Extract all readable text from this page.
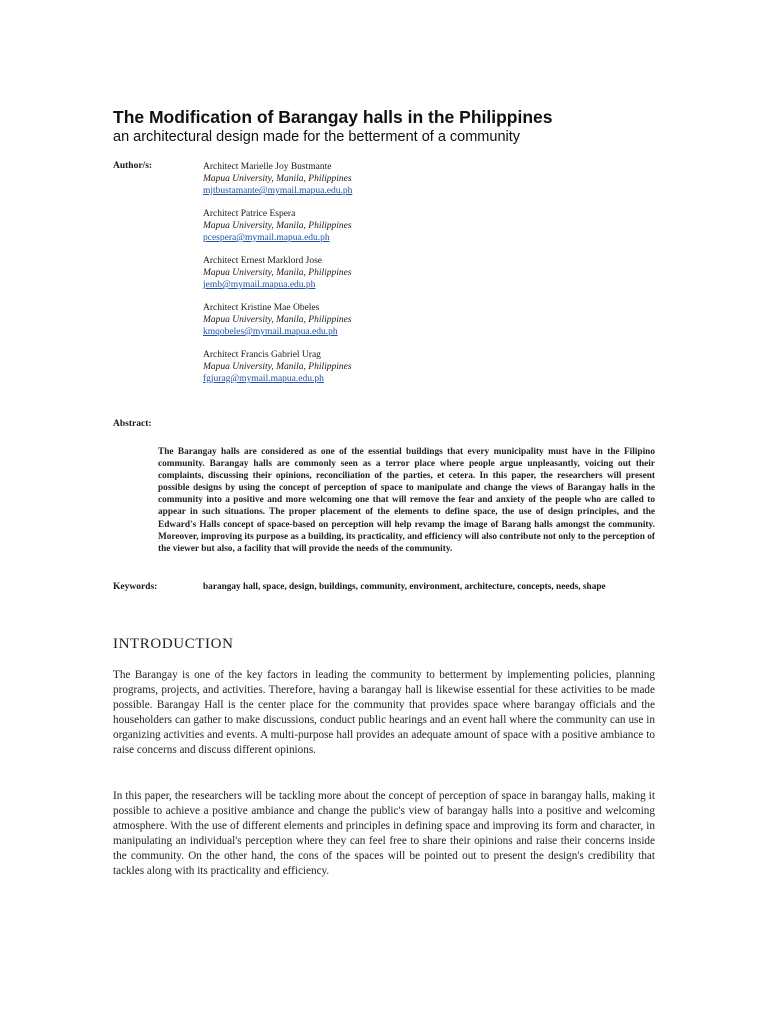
The Modification of Barangay halls in the Philippines
an architectural design made for the betterment of a community
Author/s:	Architect Marielle Joy Bustmante
Mapua University, Manila, Philippines
mjtbustamante@mymail.mapua.edu.ph
Architect Patrice Espera
Mapua University, Manila, Philippines
pcespera@mymail.mapua.edu.ph
Architect Ernest Marklord Jose
Mapua University, Manila, Philippines
jemb@mymail.mapua.edu.ph
Architect Kristine Mae Obeles
Mapua University, Manila, Philippines
kmqobeles@mymail.mapua.edu.ph
Architect Francis Gabriel Urag
Mapua University, Manila, Philippines
fgjurag@mymail.mapua.edu.ph
Abstract:
The Barangay halls are considered as one of the essential buildings that every municipality must have in the Filipino community. Barangay halls are commonly seen as a terror place where people argue unpleasantly, voicing out their complaints, discussing their opinions, reconciliation of the parties, et cetera. In this paper, the researchers will present possible designs by using the concept of perception of space to manipulate and change the views of Barangay halls in the community into a positive and more welcoming one that will remove the fear and anxiety of the people who are called to appear in such situations. The proper placement of the elements to define space, the use of design principles, and the Edward's Halls concept of space-based on perception will help revamp the image of Barang halls amongst the community. Moreover, improving its purpose as a building, its practicality, and efficiency will also contribute not only to the perception of the viewer but also, a facility that will provide the needs of the community.
Keywords:	barangay hall, space, design, buildings, community, environment, architecture, concepts, needs, shape
INTRODUCTION
The Barangay is one of the key factors in leading the community to betterment by implementing policies, planning programs, projects, and activities. Therefore, having a barangay hall is likewise essential for these activities to be made possible. Barangay Hall is the center place for the community that provides space where barangay officials and the householders can gather to make discussions, conduct public hearings and an event hall where the community can use in organizing activities and events. A multi-purpose hall provides an adequate amount of space with a positive ambiance to raise concerns and discuss different opinions.
In this paper, the researchers will be tackling more about the concept of perception of space in barangay halls, making it possible to achieve a positive ambiance and change the public's view of barangay halls into a positive and welcoming atmosphere. With the use of different elements and principles in defining space and improving its form and character, in manipulating an individual's perception where they can feel free to share their opinions and raise their concerns inside the community. On the other hand, the cons of the spaces will be pointed out to present the design's credibility that tackles along with its practicality and efficiency.
